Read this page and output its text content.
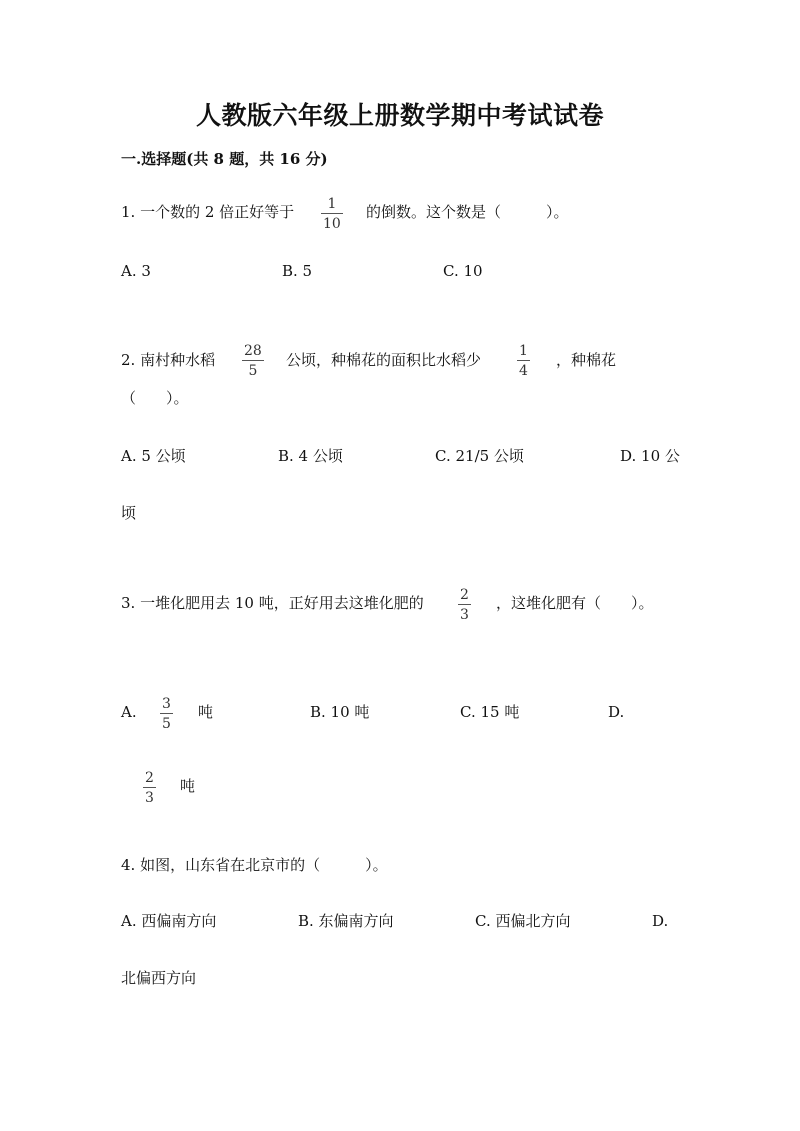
人教版六年级上册数学期中考试试卷
一.选择题(共 8 题，共 16 分)
1. 一个数的 2 倍正好等于 1
10
的倒数。这个数是（　　　）。
A. 3	B. 5	C. 10
2. 南村种水稻 28
5
公顷，种棉花的面积比水稻少	1
4
，种棉花
（　　）。
A. 5 公顷	B. 4 公顷	C. 21/5 公顷	D. 10 公
顷
3. 一堆化肥用去 10 吨，正好用去这堆化肥的	2
3
，这堆化肥有（　　）。
A. 3
5
吨	B. 10 吨	C. 15 吨	D.
2
3
吨
4. 如图，山东省在北京市的（　　　）。
A. 西偏南方向	B. 东偏南方向	C. 西偏北方向	D.
北偏西方向
